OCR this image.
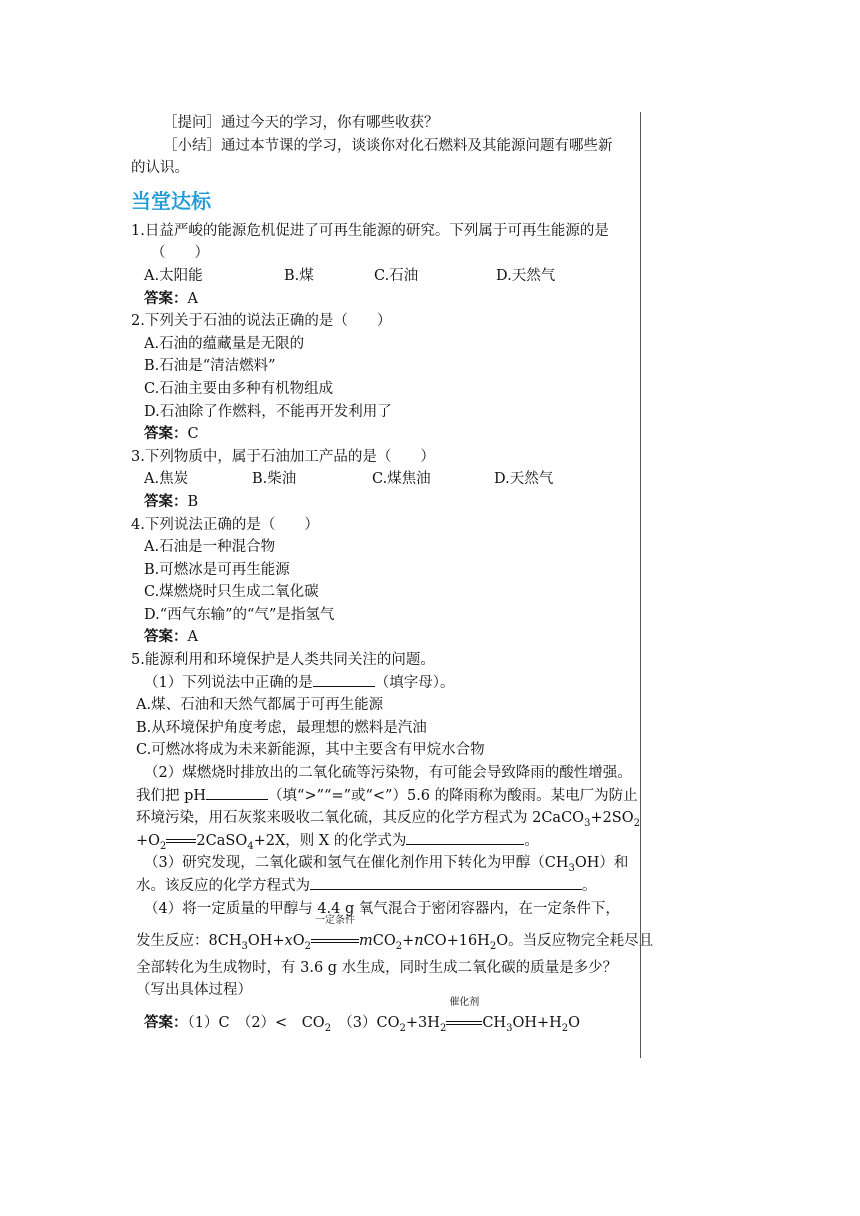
［提问］通过今天的学习，你有哪些收获？

［小结］通过本节课的学习，谈谈你对化石燃料及其能源问题有哪些新

的认识。

当堂达标

1.日益严峻的能源危机促进了可再生能源的研究。下列属于可再生能源的是

（　　）

A.太阳能	B.煤	C.石油	D.天然气

答案：A

2.下列关于石油的说法正确的是（　　）

A.石油的蕴藏量是无限的

B.石油是“清洁燃料”

C.石油主要由多种有机物组成

D.石油除了作燃料，不能再开发利用了

答案：C

3.下列物质中，属于石油加工产品的是（　　）

A.焦炭	B.柴油	C.煤焦油	D.天然气

答案：B

4.下列说法正确的是（　　）

A.石油是一种混合物

B.可燃冰是可再生能源

C.煤燃烧时只生成二氧化碳

D.“西气东输”的“气”是指氢气

答案：A

5.能源利用和环境保护是人类共同关注的问题。

（1）下列说法中正确的是	（填字母）。

A.煤、石油和天然气都属于可再生能源

B.从环境保护角度考虑，最理想的燃料是汽油

C.可燃冰将成为未来新能源，其中主要含有甲烷水合物

（2）煤燃烧时排放出的二氧化硫等污染物，有可能会导致降雨的酸性增强。

我们把 pH	（填“>”“=”或“<”）5.6 的降雨称为酸雨。某电厂为防止

环境污染，用石灰浆来吸收二氧化硫，其反应的化学方程式为 $2CaCO_3+2SO_2$

$+O_2$ 2CaSO$_4$+2X，则 X 的化学式为	。

（3）研究发现，二氧化碳和氢气在催化剂作用下转化为甲醇$(CH_3OH)$和

水。该反应的化学方程式为	。

（4）将一定质量的甲醇与 4.4 g 氧气混合于密闭容器内，在一定条件下，

发生反应：$8CH_3OH+xO_2$
一定条件
$mCO_2+nCO+16H_2O$。当反应物完全耗尽且

全部转化为生成物时，有 3.6 g 水生成，同时生成二氧化碳的质量是多少？

（写出具体过程）

答案：（1）C　（2）<　$CO_2$　$(3)CO_2+3H_2$
催化剂
$CH_3OH+H_2O$
